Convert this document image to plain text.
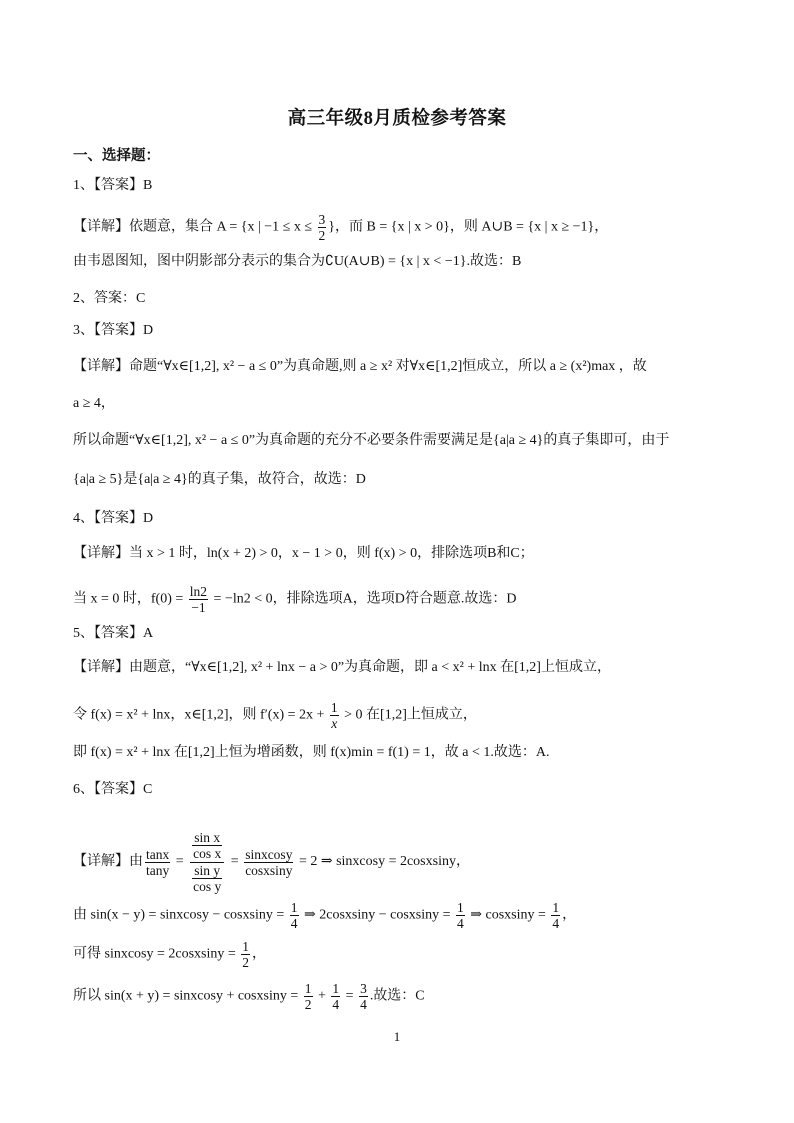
高三年级8月质检参考答案
一、选择题：
1、【答案】B
【详解】依题意，集合 A = {x | $-1 \le x \le \frac{3}{2}$ }，而 B = {x | x > 0}，则 A∪B = {x | x ≥ −1}，
由韦恩图知，图中阴影部分表示的集合为∁U(A∪B) = {x | x < −1}.故选：B
2、答案：C
3、【答案】D
【详解】命题“∀x∈[1,2], x² − a ≤ 0”为真命题,则 a ≥ x² 对∀x∈[1,2]恒成立，所以 a ≥ (x²)max ，故
a ≥ 4，
所以命题“∀x∈[1,2], x² − a ≤ 0”为真命题的充分不必要条件需要满足是{a|a ≥ 4}的真子集即可，由于
{a|a ≥ 5}是{a|a ≥ 4}的真子集，故符合，故选：D
4、【答案】D
【详解】当 x > 1 时，ln(x + 2) > 0，x − 1 > 0，则 f(x) > 0，排除选项B和C；
当 x = 0 时，$f(0) = \frac{\ln 2}{-1} = -\ln 2 < 0$，排除选项A，选项D符合题意.故选：D
5、【答案】A
【详解】由题意，“∀x∈[1,2], x² + lnx − a > 0”为真命题，即 a < x² + lnx 在[1,2]上恒成立，
令 f(x) = x² + lnx，x∈[1,2]，则 $f'(x) = 2x + \frac{1}{x} > 0$ 在[1,2]上恒成立，
即 f(x) = x² + lnx 在[1,2]上恒为增函数，则 f(x)min = f(1) = 1，故 a < 1.故选：A.
6、【答案】C
【详解】由 $\frac{\tan x}{\tan y} = \frac{\frac{\text{sin x}}{\text{cos x}}}{\frac{\text{sin y}}{\text{cos y}}} = \frac{\text{sinxcosy}}{\text{cosxsiny}} = 2$ ⇒ sinxcosy = 2cosxsiny，
由 sin(x − y) = sinxcosy − cosxsiny = $\frac{1}{4}$ ⇒ 2cosxsiny − cosxsiny = $\frac{1}{4}$ ⇒ cosxsiny = $\frac{1}{4}$ ，
可得 sinxcosy = 2cosxsiny = $\frac{1}{2}$ ，
所以 sin(x + y) = sinxcosy + cosxsiny = $\frac{1}{2} + \frac{1}{4} = \frac{3}{4}$ .故选：C
1
